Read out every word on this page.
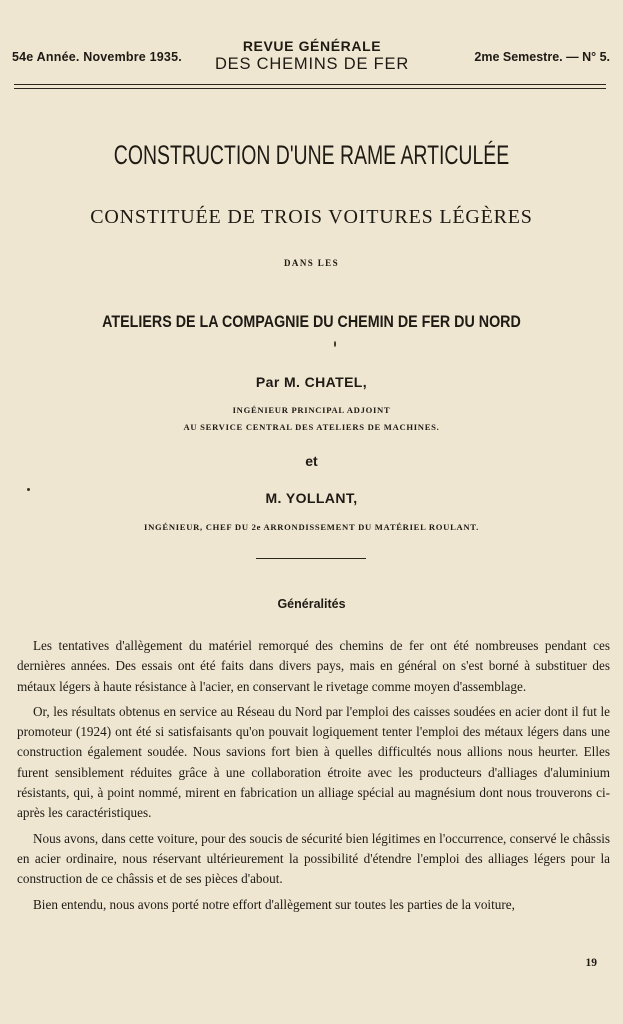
54e Année. Novembre 1935.
REVUE GÉNÉRALE
DES CHEMINS DE FER	2me Semestre. — N° 5.
CONSTRUCTION D'UNE RAME ARTICULÉE
CONSTITUÉE DE TROIS VOITURES LÉGÈRES
DANS LES
ATELIERS DE LA COMPAGNIE DU CHEMIN DE FER DU NORD
Par M. CHATEL,
INGÉNIEUR PRINCIPAL ADJOINT
AU SERVICE CENTRAL DES ATELIERS DE MACHINES.
et
M. YOLLANT,
INGÉNIEUR, CHEF DU 2e ARRONDISSEMENT DU MATÉRIEL ROULANT.
Généralités

Les tentatives d'allègement du matériel remorqué des chemins de fer ont été nombreuses pendant ces dernières années. Des essais ont été faits dans divers pays, mais en général on s'est borné à substituer des métaux légers à haute résistance à l'acier, en conservant le rivetage comme moyen d'assemblage.

Or, les résultats obtenus en service au Réseau du Nord par l'emploi des caisses soudées en acier dont il fut le promoteur (1924) ont été si satisfaisants qu'on pouvait logiquement tenter l'emploi des métaux légers dans une construction également soudée. Nous savions fort bien à quelles difficultés nous allions nous heurter. Elles furent sensiblement réduites grâce à une collaboration étroite avec les producteurs d'alliages d'aluminium résistants, qui, à point nommé, mirent en fabrication un alliage spécial au magnésium dont nous trouverons ci-après les caractéristiques.

Nous avons, dans cette voiture, pour des soucis de sécurité bien légitimes en l'occurrence, conservé le châssis en acier ordinaire, nous réservant ultérieurement la possibilité d'étendre l'emploi des alliages légers pour la construction de ce châssis et de ses pièces d'about.

Bien entendu, nous avons porté notre effort d'allègement sur toutes les parties de la voiture,

19
